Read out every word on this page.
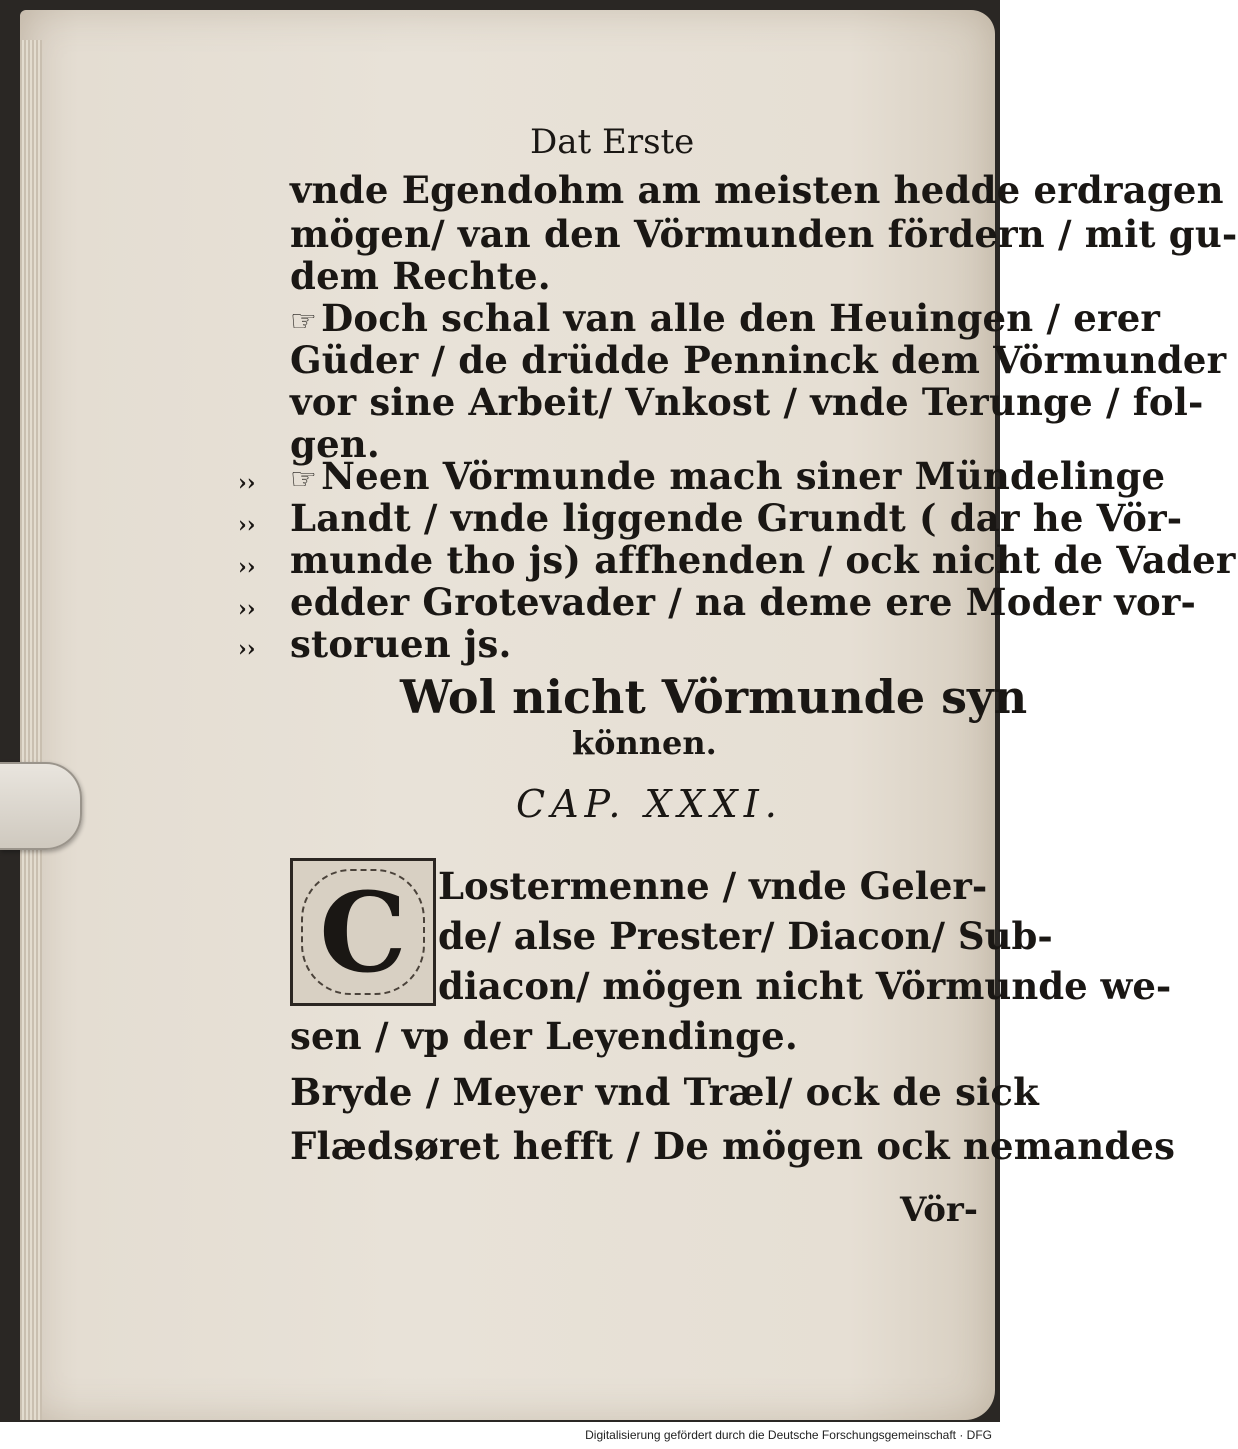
Dat Erste
vnde Egendohm am meisten hedde erdragen
mögen/ van den Vörmunden fördern / mit gu-
dem Rechte.
☞ Doch schal van alle den Heuingen / erer
Güder / de drüdde Penninck dem Vörmunder
vor sine Arbeit/ Vnkost / vnde Terunge / fol-
gen.
☞ Neen Vörmunde mach siner Mündelinge
Landt / vnde liggende Grundt ( dar he Vör-
munde tho js) affhenden / ock nicht de Vader
edder Grotevader / na deme ere Moder vor-
storuen js.
››
››
››
››
››
Wol nicht Vörmunde syn
können.
CAP. XXXI.
C Lostermenne / vnde Geler-
de/ alse Prester/ Diacon/ Sub-
diacon/ mögen nicht Vörmunde we-
sen / vp der Leyendinge.
Bryde / Meyer vnd Træl/ ock de sick
Flædsøret hefft / De mögen ock nemandes
Vör-
Digitalisierung gefördert durch die Deutsche Forschungsgemeinschaft · DFG
